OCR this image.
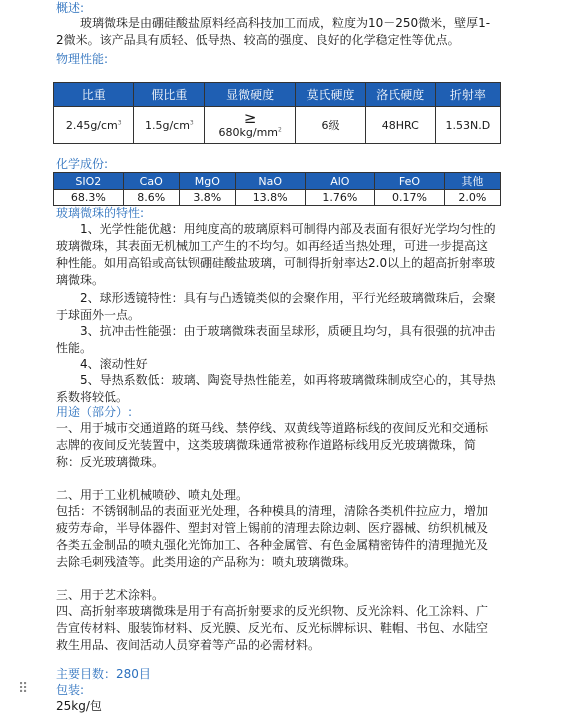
概述:

玻璃微珠是由硼硅酸盐原料经高科技加工而成，粒度为10－250微米，壁厚1-2微米。该产品具有质轻、低导热、较高的强度、良好的化学稳定性等优点。

物理性能:
比重	假比重	显微硬度	莫氏硬度	洛氏硬度	折射率
$2.45g/cm^3$	$1.5g/cm^3$	≥
$680kg/mm^2$	6级	48HRC	1.53N.D
化学成份:
SIO2	CaO	MgO	NaO	AlO	FeO	其他
68.3%	8.6%	3.8%	13.8%	1.76%	0.17%	2.0%
玻璃微珠的特性:

1、光学性能优越：用纯度高的玻璃原料可制得内部及表面有很好光学均匀性的玻璃微珠，其表面无机械加工产生的不均匀。如再经适当热处理，可进一步提高这种性能。如用高铅或高钛钡硼硅酸盐玻璃，可制得折射率达2.0以上的超高折射率玻璃微珠。

2、球形透镜特性：具有与凸透镜类似的会聚作用，平行光经玻璃微珠后，会聚于球面外一点。

3、抗冲击性能强：由于玻璃微珠表面呈球形，质硬且均匀，具有很强的抗冲击性能。

4、滚动性好

5、导热系数低：玻璃、陶瓷导热性能差，如再将玻璃微珠制成空心的，其导热系数将较低。

用途（部分）:

一、用于城市交通道路的斑马线、禁停线、双黄线等道路标线的夜间反光和交通标志牌的夜间反光装置中，这类玻璃微珠通常被称作道路标线用反光玻璃微珠，简称：反光玻璃微珠。

二、用于工业机械喷砂、喷丸处理。

包括：不锈钢制品的表面亚光处理，各种模具的清理，清除各类机件拉应力，增加疲劳寿命，半导体器件、塑封对管上锡前的清理去除边刺、医疗器械、纺织机械及各类五金制品的喷丸强化光饰加工、各种金属管、有色金属精密铸件的清理抛光及去除毛刺残渣等。此类用途的产品称为：喷丸玻璃微珠。

三、用于艺术涂料。

四、高折射率玻璃微珠是用于有高折射要求的反光织物、反光涂料、化工涂料、广告宣传材料、服装饰材料、反光膜、反光布、反光标牌标识、鞋帽、书包、水陆空救生用品、夜间活动人员穿着等产品的必需材料。

主要目数：280目
包装:
25kg/包
⠿
